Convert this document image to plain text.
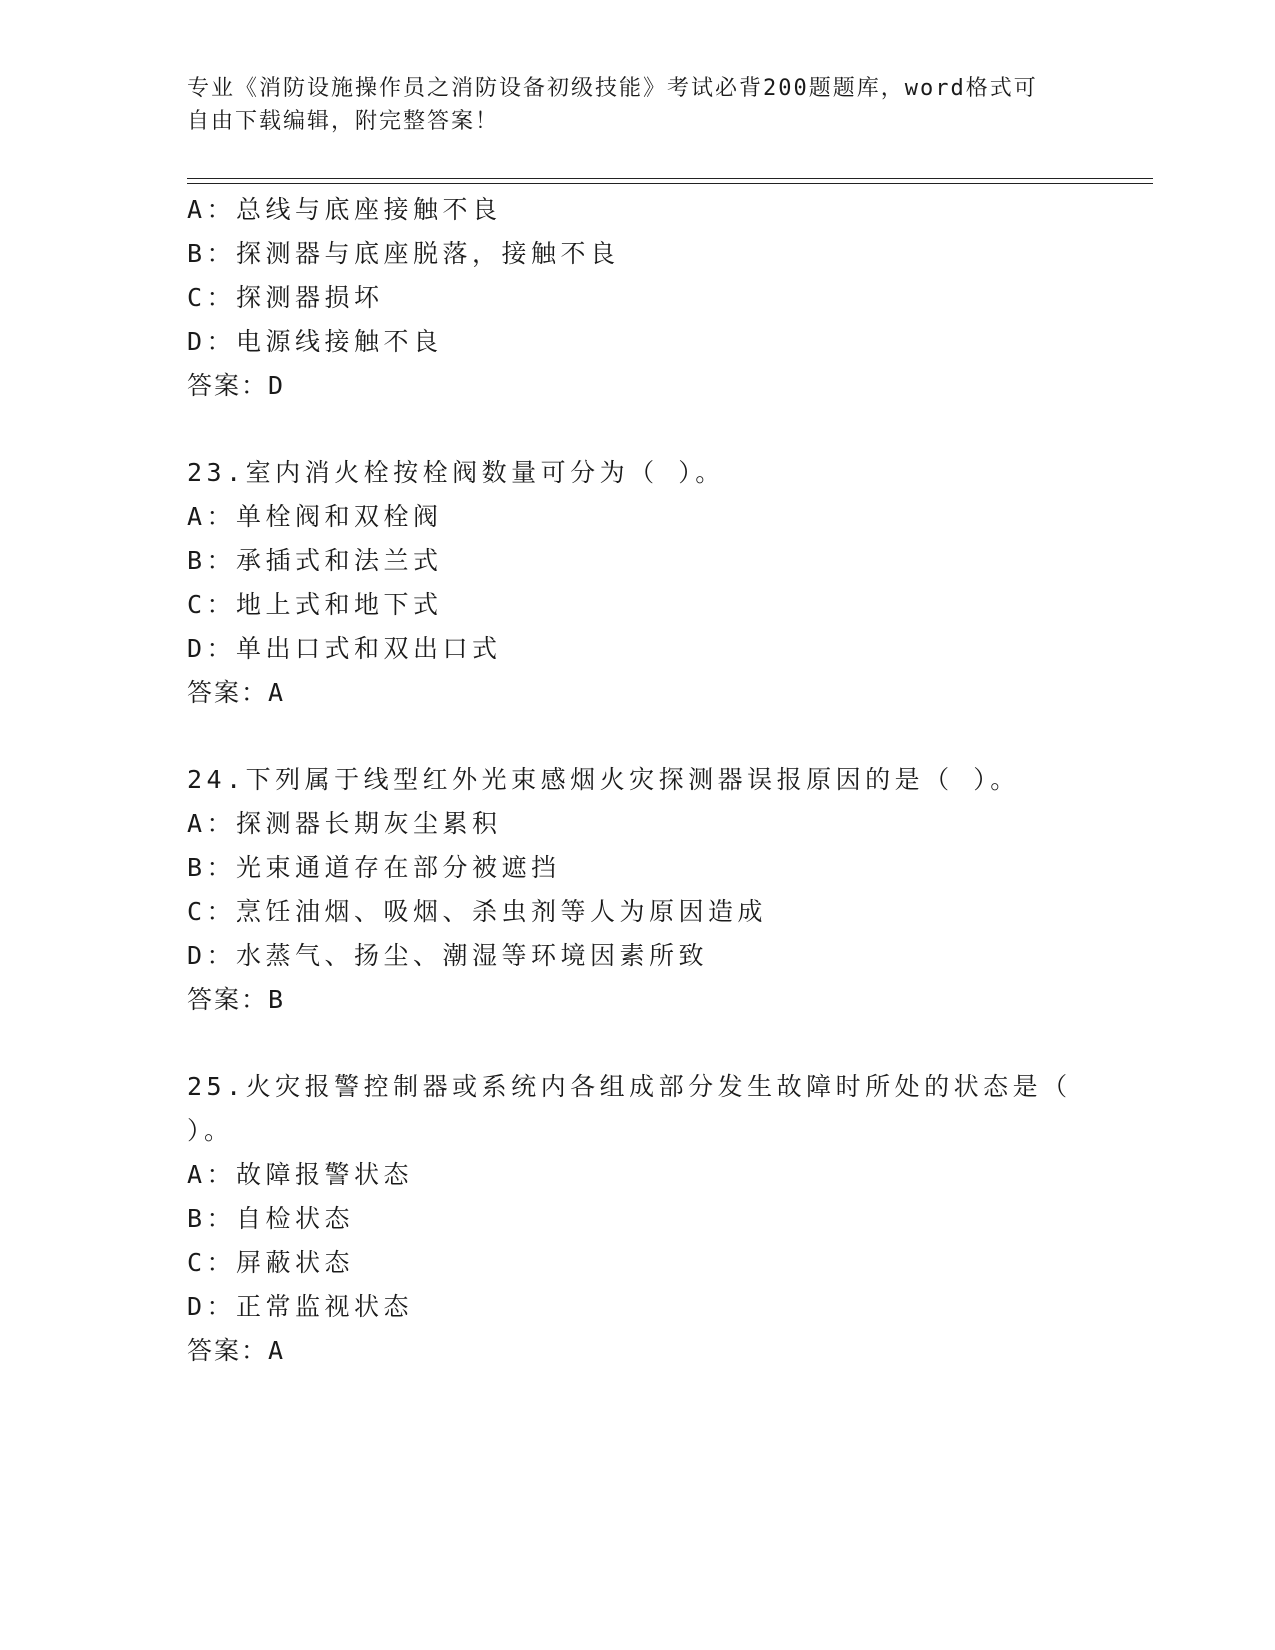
专业《消防设施操作员之消防设备初级技能》考试必背200题题库，word格式可
自由下载编辑，附完整答案！
A：总线与底座接触不良
B：探测器与底座脱落，接触不良
C：探测器损坏
D：电源线接触不良
答案：D
23.室内消火栓按栓阀数量可分为（ ）。
A：单栓阀和双栓阀
B：承插式和法兰式
C：地上式和地下式
D：单出口式和双出口式
答案：A
24.下列属于线型红外光束感烟火灾探测器误报原因的是（ ）。
A：探测器长期灰尘累积
B：光束通道存在部分被遮挡
C：烹饪油烟、吸烟、杀虫剂等人为原因造成
D：水蒸气、扬尘、潮湿等环境因素所致
答案：B
25.火灾报警控制器或系统内各组成部分发生故障时所处的状态是（
）。
A：故障报警状态
B：自检状态
C：屏蔽状态
D：正常监视状态
答案：A
